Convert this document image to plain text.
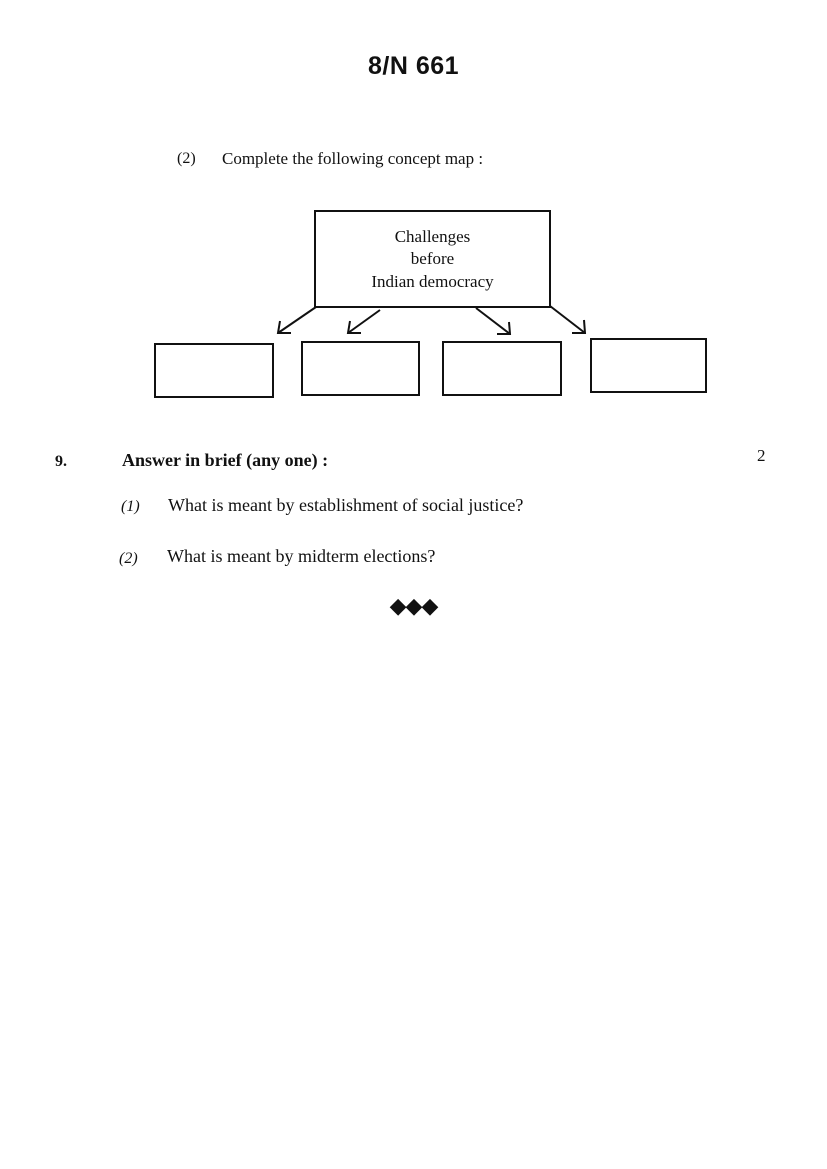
8/N 661
(2) Complete the following concept map :
Challenges
before
Indian democracy
9.	Answer in brief (any one) :	2
(1) What is meant by establishment of social justice?
(2) What is meant by midterm elections?
◆◆◆
